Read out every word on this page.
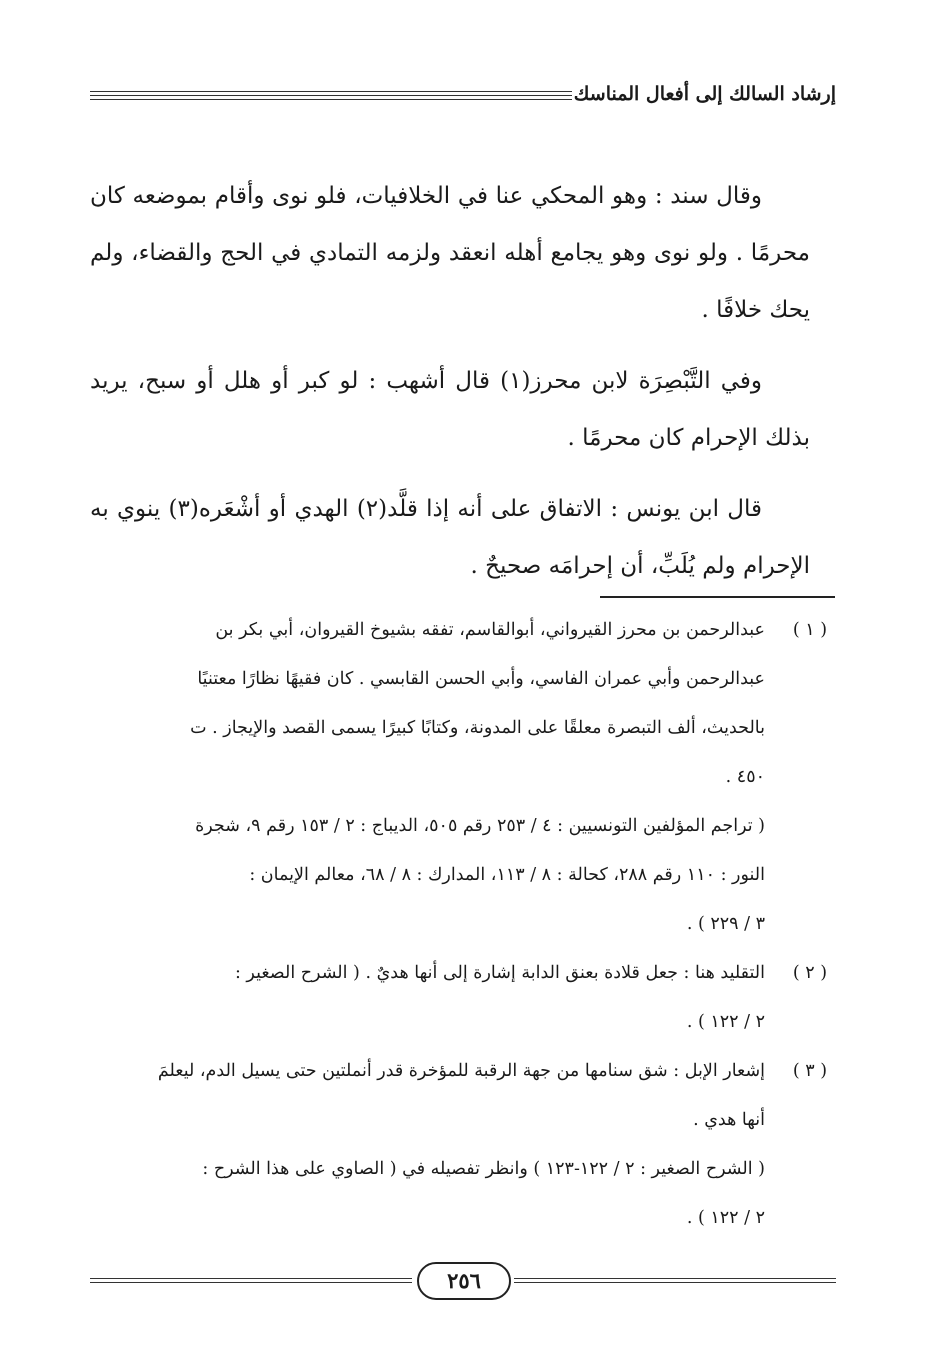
إرشاد السالك إلى أفعال المناسك

وقال سند : وهو المحكي عنا في الخلافيات، فلو نوى وأقام بموضعه كان محرمًا . ولو نوى وهو يجامع أهله انعقد ولزمه التمادي في الحج والقضاء، ولم يحك خلافًا .

وفي التَّبْصِرَة لابن محرز(١) قال أشهب : لو كبر أو هلل أو سبح، يريد بذلك الإحرام كان محرمًا .

قال ابن يونس : الاتفاق على أنه إذا قلَّد(٢) الهدي أو أشْعَره(٣) ينوي به الإحرام ولم يُلَبِّ، أن إحرامَه صحيحٌ .

( ١ )
عبدالرحمن بن محرز القيرواني، أبوالقاسم، تفقه بشيوخ القيروان، أبي بكر بن
عبدالرحمن وأبي عمران الفاسي، وأبي الحسن القابسي . كان فقيهًا نظارًا معتنيًا
بالحديث، ألف التبصرة معلقًا على المدونة، وكتابًا كبيرًا يسمى القصد والإيجاز . ت
٤٥٠ .
( تراجم المؤلفين التونسيين : ٤ / ٢٥٣ رقم ٥٠٥، الديباج : ٢ / ١٥٣ رقم ٩، شجرة
النور : ١١٠ رقم ٢٨٨، كحالة : ٨ / ١١٣، المدارك : ٨ / ٦٨، معالم الإيمان :
٣ / ٢٢٩ ) .
( ٢ )
التقليد هنا : جعل قلادة بعنق الدابة إشارة إلى أنها هديٌ . ( الشرح الصغير :
٢ / ١٢٢ ) .
( ٣ )
إشعار الإبل : شق سنامها من جهة الرقبة للمؤخرة قدر أنملتين حتى يسيل الدم، ليعلمَ
أنها هدي .
( الشرح الصغير : ٢ / ١٢٢-١٢٣ ) وانظر تفصيله في ( الصاوي على هذا الشرح :
٢ / ١٢٢ ) .
٢٥٦
